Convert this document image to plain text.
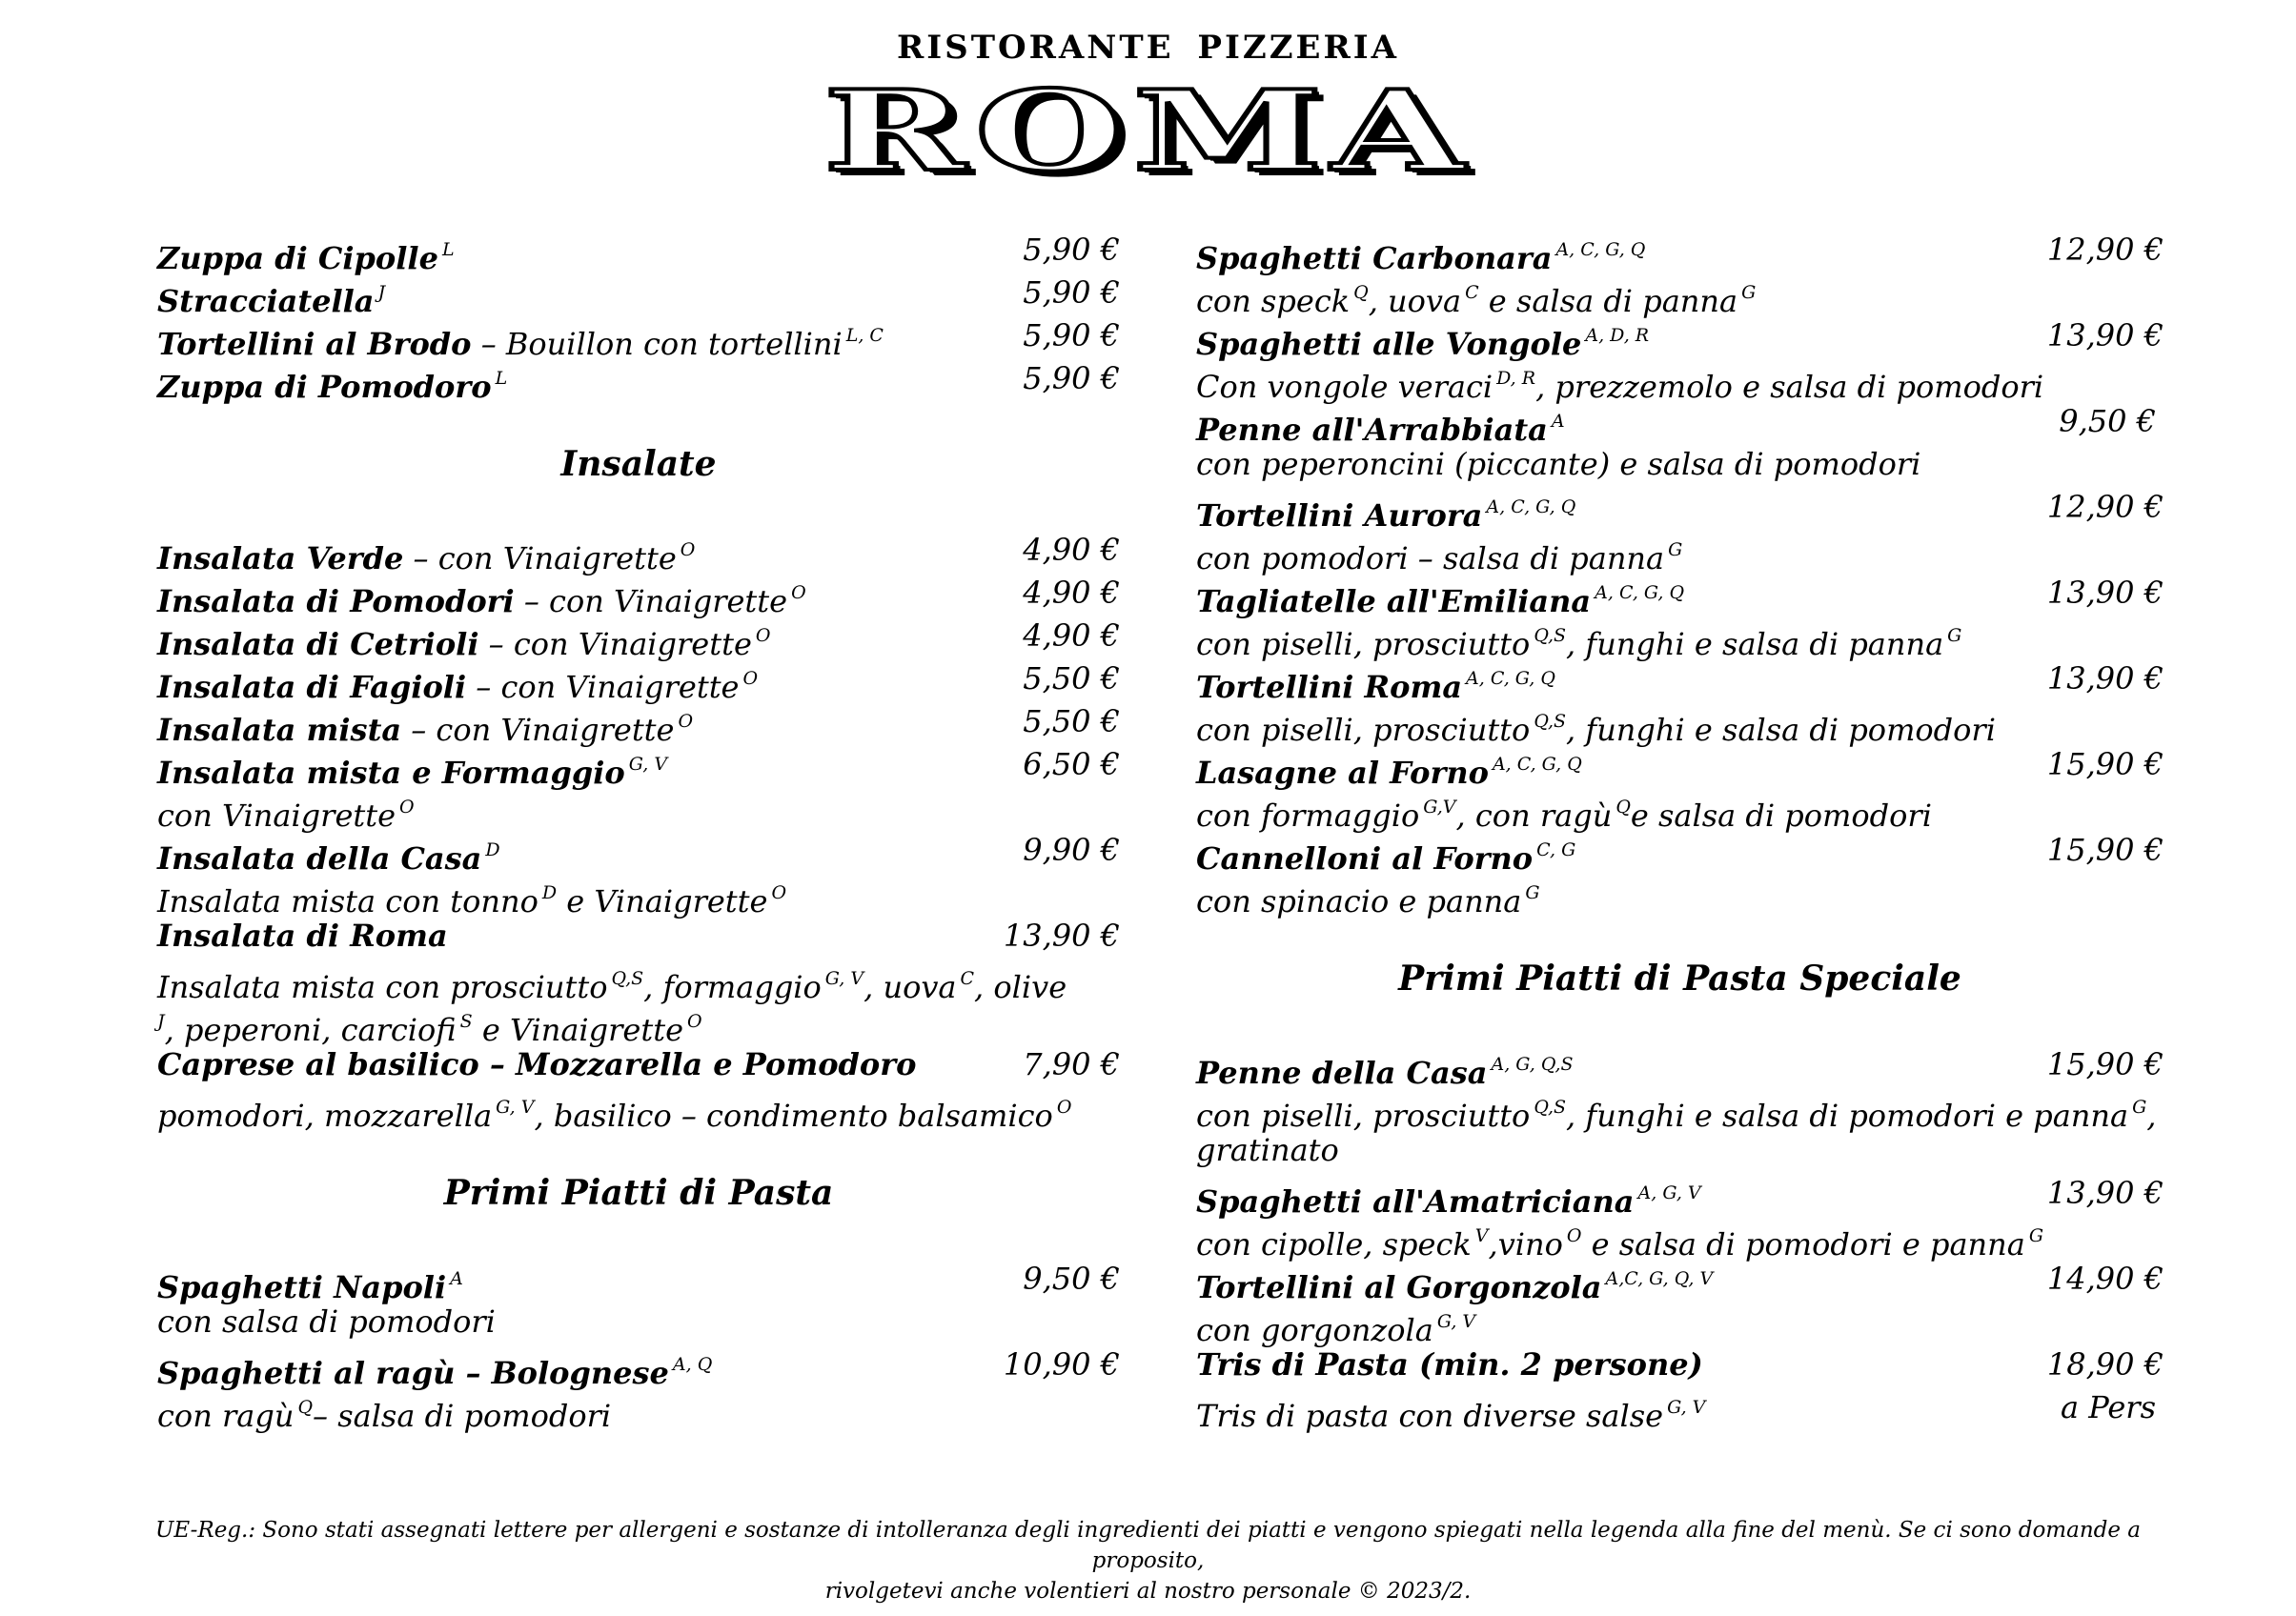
RISTORANTE PIZZERIA
ROMA
Zuppa di Cipolle $^L$	5,90 €
Stracciatella $^J$	5,90 €
Tortellini al Brodo – Bouillon con tortellini $^{L, C}$	5,90 €
Zuppa di Pomodoro $^L$	5,90 €
Insalate
Insalata Verde – con Vinaigrette $^O$	4,90 €
Insalata di Pomodori – con Vinaigrette $^O$	4,90 €
Insalata di Cetrioli – con Vinaigrette $^O$	4,90 €
Insalata di Fagioli – con Vinaigrette $^O$	5,50 €
Insalata mista – con Vinaigrette $^O$	5,50 €
Insalata mista e Formaggio $^{G, V}$	6,50 €
con Vinaigrette $^O$
Insalata della Casa $^D$	9,90 €
Insalata mista con tonno $^D$ e Vinaigrette $^O$
Insalata di Roma	13,90 €
Insalata mista con prosciutto $^{Q,S}$, formaggio $^{G, V}$, uova $^C$, olive
$^J$, peperoni, carciofi $^S$ e Vinaigrette $^O$
Caprese al basilico – Mozzarella e Pomodoro	7,90 €
pomodori, mozzarella $^{G, V}$, basilico – condimento balsamico $^O$
Primi Piatti di Pasta
Spaghetti Napoli $^A$	9,50 €
con salsa di pomodori
Spaghetti al ragù – Bolognese $^{A, Q}$	10,90 €
con ragù $^Q$– salsa di pomodori
Spaghetti Carbonara $^{A, C, G, Q}$	12,90 €
con speck $^Q$, uova $^C$ e salsa di panna $^G$
Spaghetti alle Vongole $^{A, D, R}$	13,90 €
Con vongole veraci $^{D, R}$, prezzemolo e salsa di pomodori
Penne all'Arrabbiata $^A$	9,50 €
con peperoncini (piccante) e salsa di pomodori
Tortellini Aurora $^{A, C, G, Q}$	12,90 €
con pomodori – salsa di panna $^G$
Tagliatelle all'Emiliana $^{A, C, G, Q}$	13,90 €
con piselli, prosciutto $^{Q,S}$, funghi e salsa di panna $^G$
Tortellini Roma $^{A, C, G, Q}$	13,90 €
con piselli, prosciutto $^{Q,S}$, funghi e salsa di pomodori
Lasagne al Forno $^{A, C, G, Q}$	15,90 €
con formaggio $^{G,V}$, con ragù $^Q$e salsa di pomodori
Cannelloni al Forno $^{C, G}$	15,90 €
con spinacio e panna $^G$
Primi Piatti di Pasta Speciale
Penne della Casa $^{A, G, Q,S}$	15,90 €
con piselli, prosciutto $^{Q,S}$, funghi e salsa di pomodori e panna $^G$,
gratinato
Spaghetti all'Amatriciana $^{A, G, V}$	13,90 €
con cipolle, speck $^V$,vino $^O$ e salsa di pomodori e panna $^G$
Tortellini al Gorgonzola $^{A,C, G, Q, V}$	14,90 €
con gorgonzola $^{G, V}$
Tris di Pasta (min. 2 persone)	18,90 €
Tris di pasta con diverse salse $^{G, V}$	a Pers
UE-Reg.: Sono stati assegnati lettere per allergeni e sostanze di intolleranza degli ingredienti dei piatti e vengono spiegati nella legenda alla fine del menù. Se ci sono domande a proposito,
rivolgetevi anche volentieri al nostro personale © 2023/2.
